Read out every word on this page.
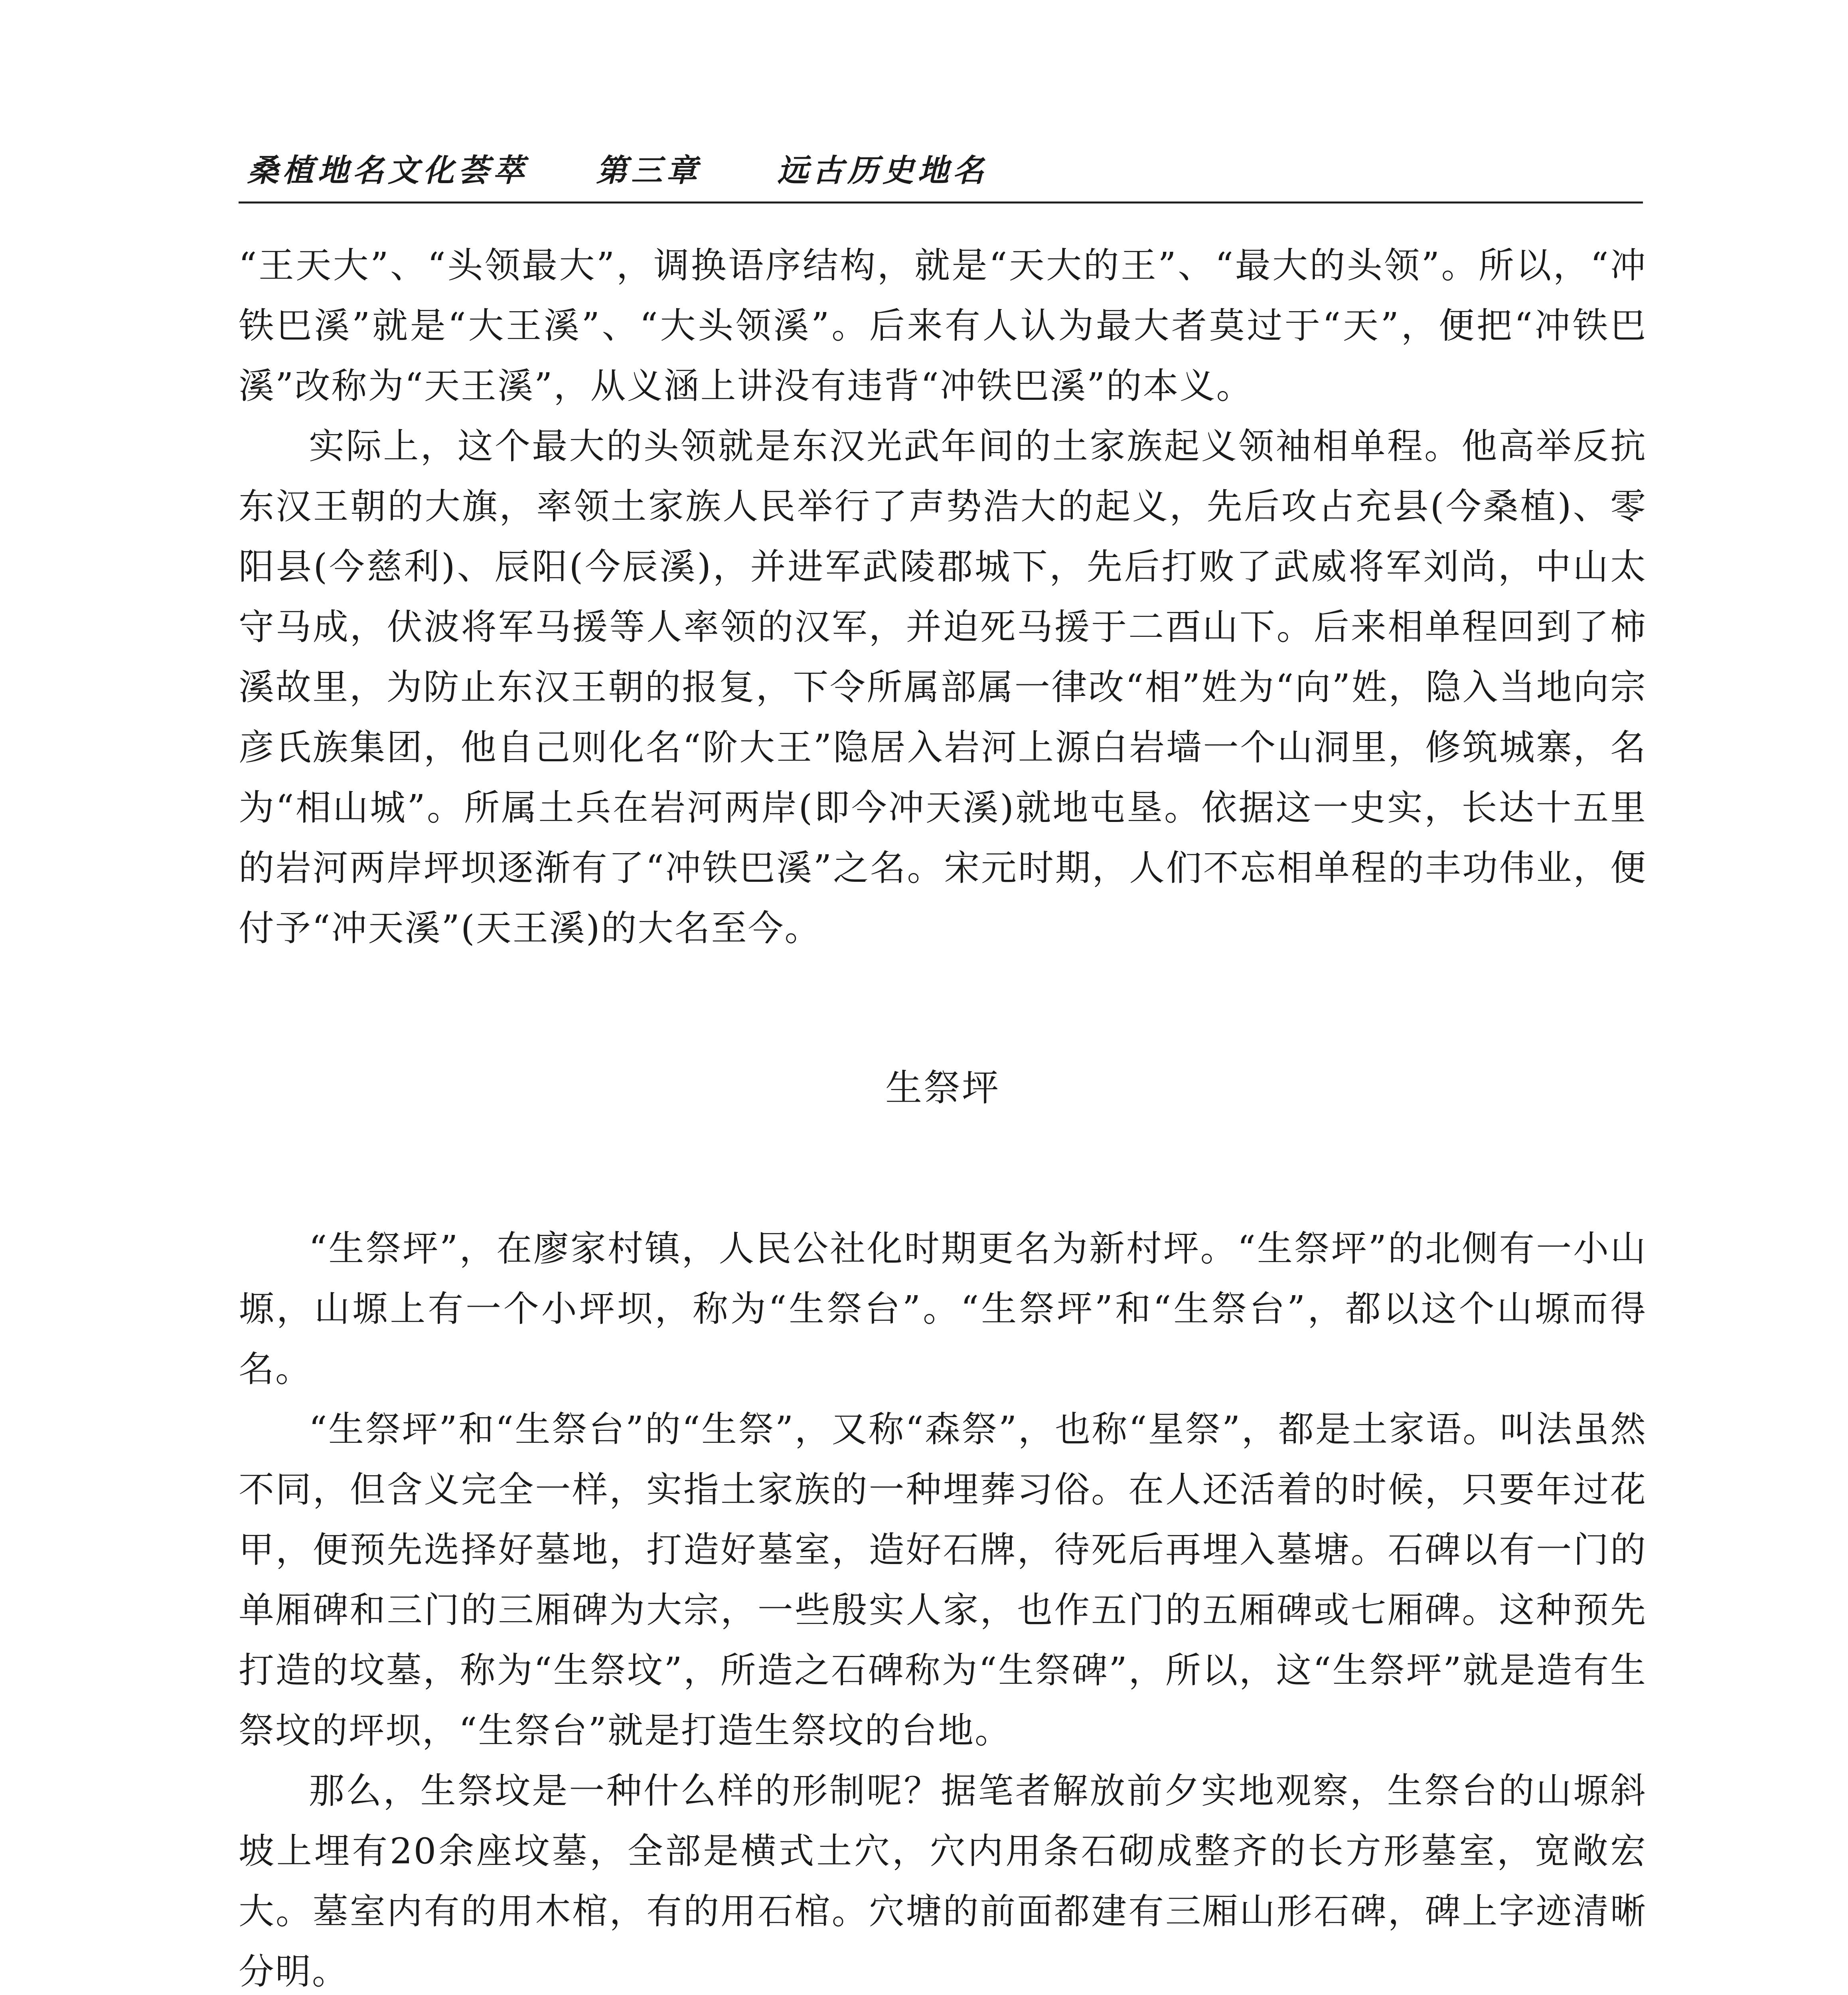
桑植地名文化荟萃 第三章 远古历史地名

“王天大”、“头领最大”，调换语序结构，就是“天大的王”、“最大的头领”。所以，“冲铁巴溪”就是“大王溪”、“大头领溪”。后来有人认为最大者莫过于“天”，便把“冲铁巴溪”改称为“天王溪”，从义涵上讲没有违背“冲铁巴溪”的本义。

实际上，这个最大的头领就是东汉光武年间的土家族起义领袖相单程。他高举反抗东汉王朝的大旗，率领土家族人民举行了声势浩大的起义，先后攻占充县(今桑植)、零阳县(今慈利)、辰阳(今辰溪)，并进军武陵郡城下，先后打败了武威将军刘尚，中山太守马成，伏波将军马援等人率领的汉军，并迫死马援于二酉山下。后来相单程回到了柿溪故里，为防止东汉王朝的报复，下令所属部属一律改“相”姓为“向”姓，隐入当地向宗彦氏族集团，他自己则化名“阶大王”隐居入岩河上源白岩墙一个山洞里，修筑城寨，名为“相山城”。所属土兵在岩河两岸(即今冲天溪)就地屯垦。依据这一史实，长达十五里的岩河两岸坪坝逐渐有了“冲铁巴溪”之名。宋元时期，人们不忘相单程的丰功伟业，便付予“冲天溪”(天王溪)的大名至今。

生祭坪

“生祭坪”，在廖家村镇，人民公社化时期更名为新村坪。“生祭坪”的北侧有一小山塬，山塬上有一个小坪坝，称为“生祭台”。“生祭坪”和“生祭台”，都以这个山塬而得名。

“生祭坪”和“生祭台”的“生祭”，又称“森祭”，也称“星祭”，都是土家语。叫法虽然不同，但含义完全一样，实指土家族的一种埋葬习俗。在人还活着的时候，只要年过花甲，便预先选择好墓地，打造好墓室，造好石牌，待死后再埋入墓塘。石碑以有一门的单厢碑和三门的三厢碑为大宗，一些殷实人家，也作五门的五厢碑或七厢碑。这种预先打造的坟墓，称为“生祭坟”，所造之石碑称为“生祭碑”，所以，这“生祭坪”就是造有生祭坟的坪坝，“生祭台”就是打造生祭坟的台地。

那么，生祭坟是一种什么样的形制呢？据笔者解放前夕实地观察，生祭台的山塬斜坡上埋有20余座坟墓，全部是横式土穴，穴内用条石砌成整齐的长方形墓室，宽敞宏大。墓室内有的用木棺，有的用石棺。穴塘的前面都建有三厢山形石碑，碑上字迹清晰分明。
